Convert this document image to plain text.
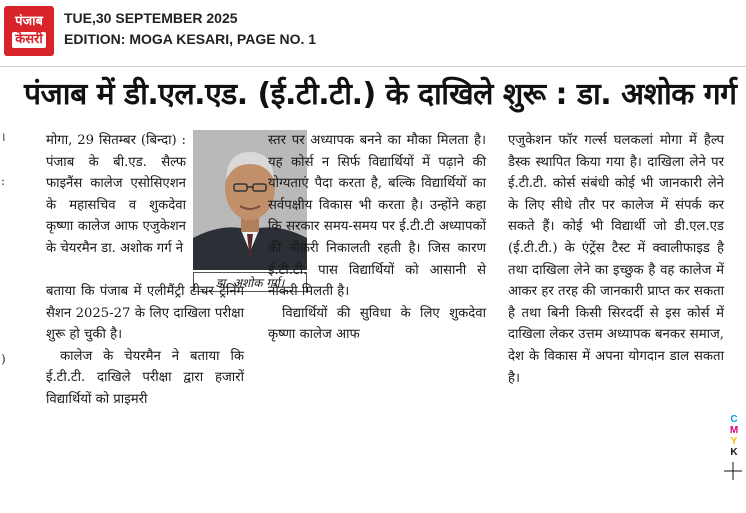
पंजाब
केसरी
TUE,30 SEPTEMBER 2025
EDITION: MOGA KESARI, PAGE NO. 1
पंजाब में डी.एल.एड. (ई.टी.टी.) के दाखिले शुरू : डा. अशोक गर्ग
।
:
)

मोगा, 29 सितम्बर (बिन्दा) : पंजाब के बी.एड. सैल्फ फाइनैंस कालेज एसोसिएशन के महासचिव व शुकदेवा कृष्णा कालेज आफ एजुकेशन के चेयरमैन डा. अशोक गर्ग ने

डा. अशोक गर्ग।

बताया कि पंजाब में एलीमैंट्री टीचर ट्रेनिंग सैशन 2025-27 के लिए दाखिला परीक्षा शुरू हो चुकी है।

कालेज के चेयरमैन ने बताया कि ई.टी.टी. दाखिले परीक्षा द्वारा हजारों विद्यार्थियों को प्राइमरी

स्तर पर अध्यापक बनने का मौका मिलता है। यह कोर्स न सिर्फ विद्यार्थियों में पढ़ाने की योग्यताएं पैदा करता है, बल्कि विद्यार्थियों का सर्वपक्षीय विकास भी करता है। उन्होंने कहा कि सरकार समय-समय पर ई.टी.टी अध्यापकों की नौकरी निकालती रहती है। जिस कारण ई.टी.टी. पास विद्यार्थियों को आसानी से नौकरी मिलती है।

विद्यार्थियों की सुविधा के लिए शुकदेवा कृष्णा कालेज आफ

एजुकेशन फॉर गर्ल्स घलकलां मोगा में हैल्प डैस्क स्थापित किया गया है। दाखिला लेने पर ई.टी.टी. कोर्स संबंधी कोई भी जानकारी लेने के लिए सीधे तौर पर कालेज में संपर्क कर सकते हैं। कोई भी विद्यार्थी जो डी.एल.एड (ई.टी.टी.) के एंट्रेंस टैस्ट में क्वालीफाइड है तथा दाखिला लेने का इच्छुक है वह कालेज में आकर हर तरह की जानकारी प्राप्त कर सकता है तथा बिनी किसी सिरदर्दी से इस कोर्स में दाखिला लेकर उत्तम अध्यापक बनकर समाज, देश के विकास में अपना योगदान डाल सकता है।

C
M
Y
K
